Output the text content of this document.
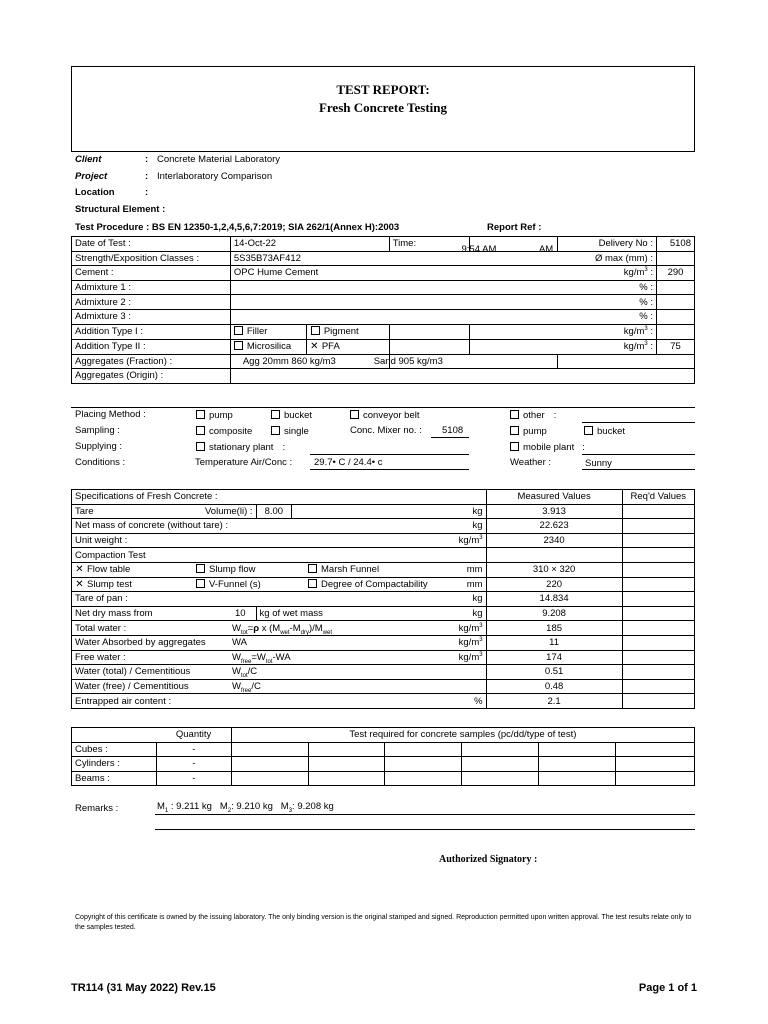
TEST REPORT:
Fresh Concrete Testing
Client	: Concrete Material Laboratory
Project	: Interlaboratory Comparison
Location	:
Structural Element :
Test Procedure : BS EN 12350-1,2,4,5,6,7:2019; SIA 262/1(Annex H):2003	Report Ref :
Date of Test :	14-Oct-22	Time:	9:54 AM AM	Delivery No :	5108
Strength/Exposition Classes :	5S35B73AF412			Ø max (mm) :	
Cement :	OPC Hume Cement			$kg/m^3$ :	290
Admixture 1 :				% :	
Admixture 2 :				% :	
Admixture 3 :				% :	
Addition Type I :	Filler Pigment			$kg/m^3$ :	
Addition Type II :	Microsilica ✕ PFA			$kg/m^3$ :	75
Aggregates (Fraction) :	Agg 20mm 860 kg/m3	Sand 905 kg/m3			
Aggregates (Origin) :					
Placing Method :	pump	bucket	conveyor belt	other :
Sampling :	composite	single	Conc. Mixer no. : 5108	pump	bucket
Supplying :	stationary plant :	mobile plant :
Conditions :	Temperature Air/Conc : 29.7• C / 24.4• c	Weather :	Sunny
Specifications of Fresh Concrete :				Measured Values	Req'd Values
Tare	Volume(li) :	8.00	kg	3.913	
Net mass of concrete (without tare) : kg				22.623	
Unit weight : $kg/m^3$				2340	
Compaction Test					
✕ Flow table Slump flow Marsh Funnel mm				310 × 320	
✕ Slump test V-Funnel (s) Degree of Compactability mm				220	
Tare of pan : kg				14.834	
Net dry mass from	10	kg of wet mass kg		9.208	
Total water : $W_{tot}=\rho$ x $(M_{wet}-M_{dry})/M_{wet}$ $kg/m^3$				185	
Water Absorbed by aggregates WA $kg/m^3$				11	
Free water : $W_{free}=W_{tot}-WA$ $kg/m^3$				174	
Water (total) / Cementitious $W_{tot}/C$				0.51	
Water (free) / Cementitious $W_{free}/C$				0.48	
Entrapped air content : %				2.1	
	Quantity	Test required for concrete samples (pc/dd/type of test)					
Cubes :	-						
Cylinders :	-						
Beams :	-						
Remarks :	$M_1$ : 9.211 kg $M_2$: 9.210 kg $M_3$: 9.208 kg
Authorized Signatory :
Copyright of this certificate is owned by the issuing laboratory. The only binding version is the original stamped and signed. Reproduction permitted upon written approval. The test results relate only to the samples tested.
TR114 (31 May 2022) Rev.15	Page 1 of 1
